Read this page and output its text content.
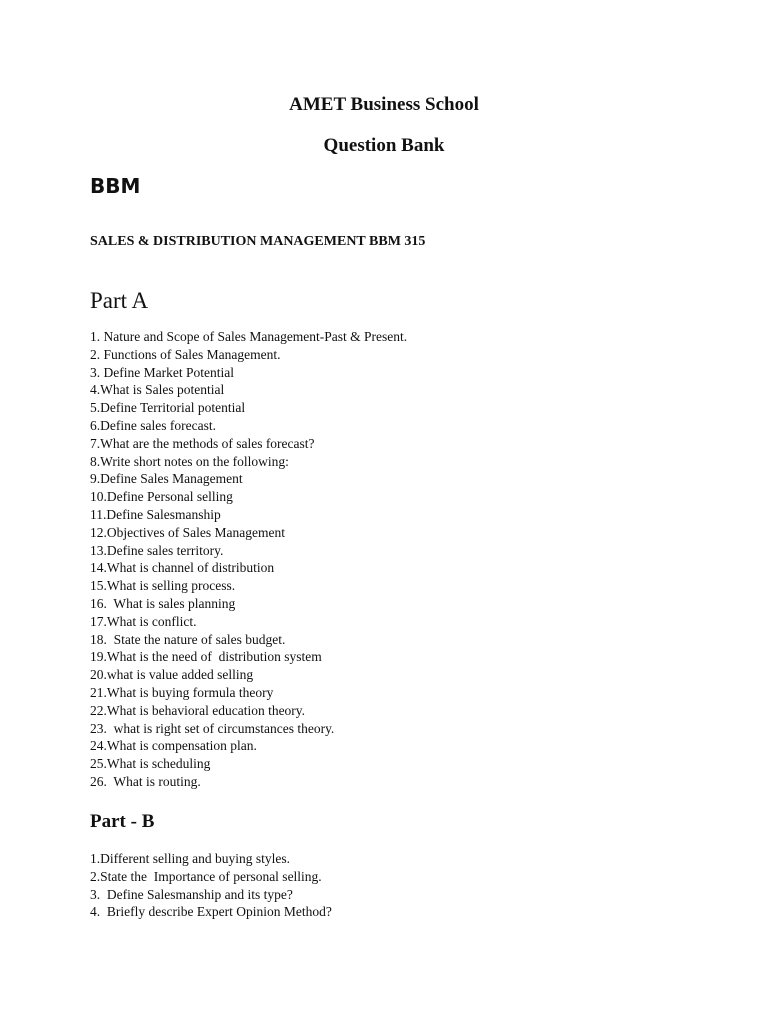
AMET Business School
Question Bank
BBM
SALES & DISTRIBUTION MANAGEMENT BBM 315
Part A
1. Nature and Scope of Sales Management-Past & Present.
2. Functions of Sales Management.
3. Define Market Potential
4.What is Sales potential
5.Define Territorial potential
6.Define sales forecast.
7.What are the methods of sales forecast?
8.Write short notes on the following:
9.Define Sales Management
10.Define Personal selling
11.Define Salesmanship
12.Objectives of Sales Management
13.Define sales territory.
14.What is channel of distribution
15.What is selling process.
16.  What is sales planning
17.What is conflict.
18.  State the nature of sales budget.
19.What is the need of  distribution system
20.what is value added selling
21.What is buying formula theory
22.What is behavioral education theory.
23.  what is right set of circumstances theory.
24.What is compensation plan.
25.What is scheduling
26.  What is routing.
Part - B
1.Different selling and buying styles.
2.State the  Importance of personal selling.
3.  Define Salesmanship and its type?
4.  Briefly describe Expert Opinion Method?
